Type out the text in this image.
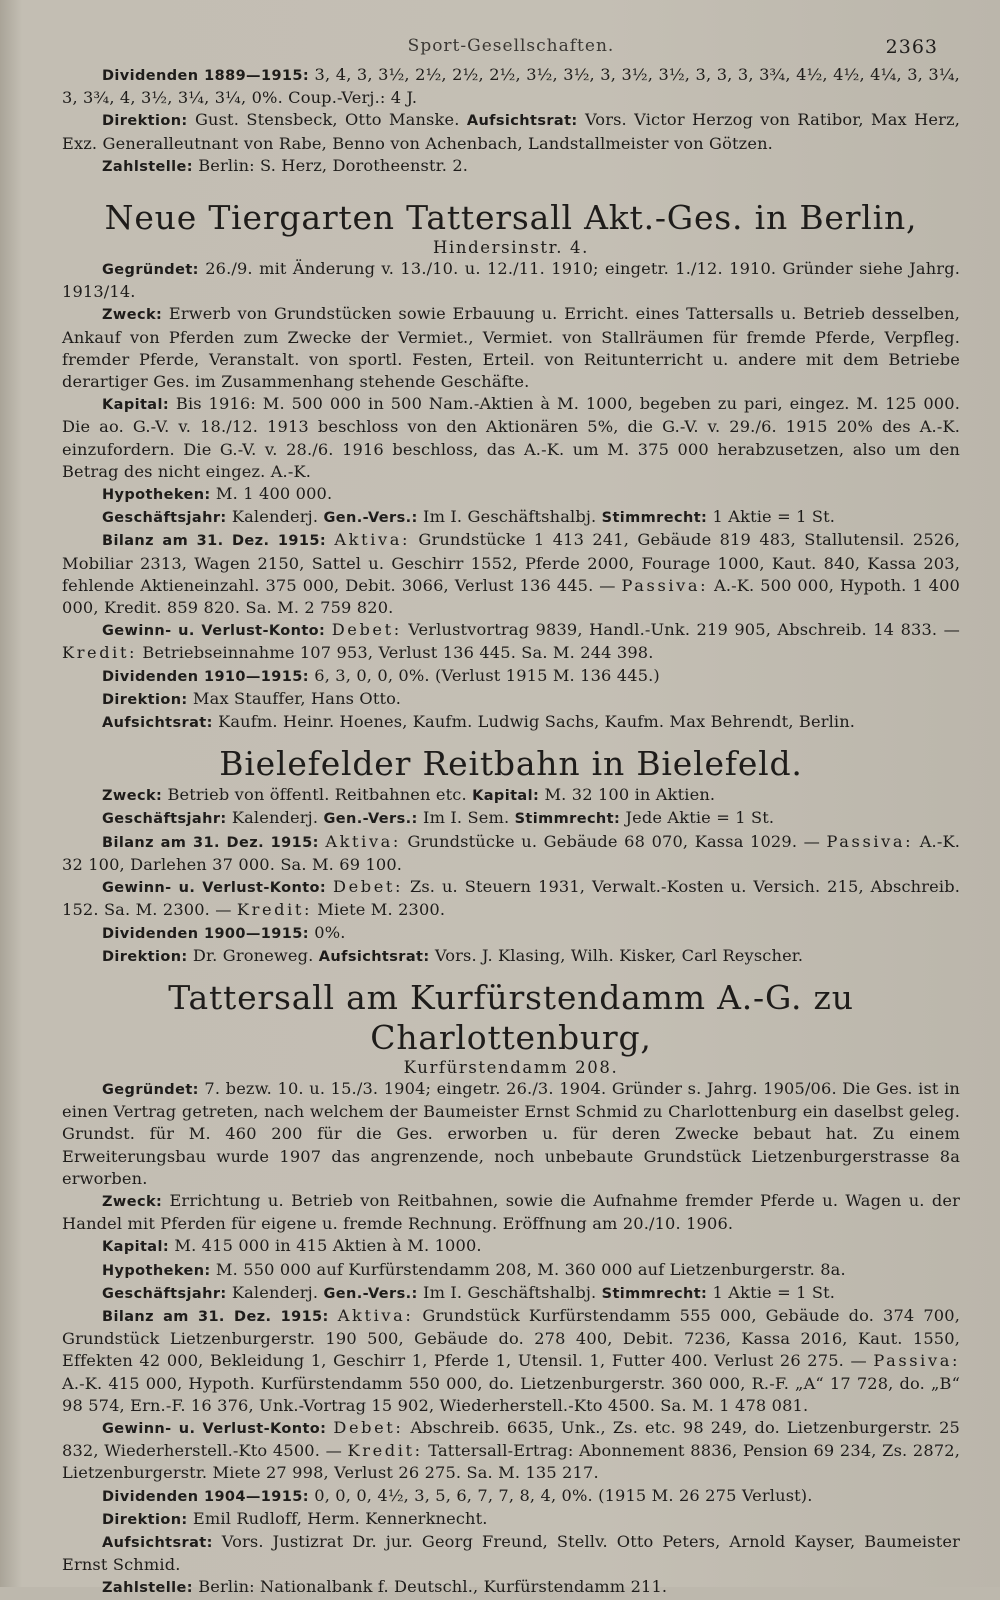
Sport-Gesellschaften.	2363

Dividenden 1889—1915: 3, 4, 3, 3½, 2½, 2½, 2½, 3½, 3½, 3, 3½, 3½, 3, 3, 3, 3¾, 4½, 4½, 4¼, 3, 3¼, 3, 3¾, 4, 3½, 3¼, 3¼, 0%. Coup.-Verj.: 4 J.

Direktion: Gust. Stensbeck, Otto Manske. Aufsichtsrat: Vors. Victor Herzog von Ratibor, Max Herz, Exz. Generalleutnant von Rabe, Benno von Achenbach, Landstallmeister von Götzen.

Zahlstelle: Berlin: S. Herz, Dorotheenstr. 2.

Neue Tiergarten Tattersall Akt.-Ges. in Berlin,
Hindersinstr. 4.

Gegründet: 26./9. mit Änderung v. 13./10. u. 12./11. 1910; eingetr. 1./12. 1910. Gründer siehe Jahrg. 1913/14.

Zweck: Erwerb von Grundstücken sowie Erbauung u. Erricht. eines Tattersalls u. Betrieb desselben, Ankauf von Pferden zum Zwecke der Vermiet., Vermiet. von Stallräumen für fremde Pferde, Verpfleg. fremder Pferde, Veranstalt. von sportl. Festen, Erteil. von Reitunterricht u. andere mit dem Betriebe derartiger Ges. im Zusammenhang stehende Geschäfte.

Kapital: Bis 1916: M. 500 000 in 500 Nam.-Aktien à M. 1000, begeben zu pari, eingez. M. 125 000. Die ao. G.-V. v. 18./12. 1913 beschloss von den Aktionären 5%, die G.-V. v. 29./6. 1915 20% des A.-K. einzufordern. Die G.-V. v. 28./6. 1916 beschloss, das A.-K. um M. 375 000 herabzusetzen, also um den Betrag des nicht eingez. A.-K.

Hypotheken: M. 1 400 000.

Geschäftsjahr: Kalenderj. Gen.-Vers.: Im I. Geschäftshalbj. Stimmrecht: 1 Aktie = 1 St.

Bilanz am 31. Dez. 1915: Aktiva: Grundstücke 1 413 241, Gebäude 819 483, Stallutensil. 2526, Mobiliar 2313, Wagen 2150, Sattel u. Geschirr 1552, Pferde 2000, Fourage 1000, Kaut. 840, Kassa 203, fehlende Aktieneinzahl. 375 000, Debit. 3066, Verlust 136 445. — Passiva: A.-K. 500 000, Hypoth. 1 400 000, Kredit. 859 820. Sa. M. 2 759 820.

Gewinn- u. Verlust-Konto: Debet: Verlustvortrag 9839, Handl.-Unk. 219 905, Abschreib. 14 833. — Kredit: Betriebseinnahme 107 953, Verlust 136 445. Sa. M. 244 398.

Dividenden 1910—1915: 6, 3, 0, 0, 0%. (Verlust 1915 M. 136 445.)

Direktion: Max Stauffer, Hans Otto.

Aufsichtsrat: Kaufm. Heinr. Hoenes, Kaufm. Ludwig Sachs, Kaufm. Max Behrendt, Berlin.

Bielefelder Reitbahn in Bielefeld.

Zweck: Betrieb von öffentl. Reitbahnen etc. Kapital: M. 32 100 in Aktien.

Geschäftsjahr: Kalenderj. Gen.-Vers.: Im I. Sem. Stimmrecht: Jede Aktie = 1 St.

Bilanz am 31. Dez. 1915: Aktiva: Grundstücke u. Gebäude 68 070, Kassa 1029. — Passiva: A.-K. 32 100, Darlehen 37 000. Sa. M. 69 100.

Gewinn- u. Verlust-Konto: Debet: Zs. u. Steuern 1931, Verwalt.-Kosten u. Versich. 215, Abschreib. 152. Sa. M. 2300. — Kredit: Miete M. 2300.

Dividenden 1900—1915: 0%.

Direktion: Dr. Groneweg. Aufsichtsrat: Vors. J. Klasing, Wilh. Kisker, Carl Reyscher.

Tattersall am Kurfürstendamm A.-G. zu Charlottenburg,
Kurfürstendamm 208.

Gegründet: 7. bezw. 10. u. 15./3. 1904; eingetr. 26./3. 1904. Gründer s. Jahrg. 1905/06. Die Ges. ist in einen Vertrag getreten, nach welchem der Baumeister Ernst Schmid zu Charlottenburg ein daselbst geleg. Grundst. für M. 460 200 für die Ges. erworben u. für deren Zwecke bebaut hat. Zu einem Erweiterungsbau wurde 1907 das angrenzende, noch unbebaute Grundstück Lietzenburgerstrasse 8a erworben.

Zweck: Errichtung u. Betrieb von Reitbahnen, sowie die Aufnahme fremder Pferde u. Wagen u. der Handel mit Pferden für eigene u. fremde Rechnung. Eröffnung am 20./10. 1906.

Kapital: M. 415 000 in 415 Aktien à M. 1000.

Hypotheken: M. 550 000 auf Kurfürstendamm 208, M. 360 000 auf Lietzenburgerstr. 8a.

Geschäftsjahr: Kalenderj. Gen.-Vers.: Im I. Geschäftshalbj. Stimmrecht: 1 Aktie = 1 St.

Bilanz am 31. Dez. 1915: Aktiva: Grundstück Kurfürstendamm 555 000, Gebäude do. 374 700, Grundstück Lietzenburgerstr. 190 500, Gebäude do. 278 400, Debit. 7236, Kassa 2016, Kaut. 1550, Effekten 42 000, Bekleidung 1, Geschirr 1, Pferde 1, Utensil. 1, Futter 400. Verlust 26 275. — Passiva: A.-K. 415 000, Hypoth. Kurfürstendamm 550 000, do. Lietzenburgerstr. 360 000, R.-F. „A“ 17 728, do. „B“ 98 574, Ern.-F. 16 376, Unk.-Vortrag 15 902, Wiederherstell.-Kto 4500. Sa. M. 1 478 081.

Gewinn- u. Verlust-Konto: Debet: Abschreib. 6635, Unk., Zs. etc. 98 249, do. Lietzenburgerstr. 25 832, Wiederherstell.-Kto 4500. — Kredit: Tattersall-Ertrag: Abonnement 8836, Pension 69 234, Zs. 2872, Lietzenburgerstr. Miete 27 998, Verlust 26 275. Sa. M. 135 217.

Dividenden 1904—1915: 0, 0, 0, 4½, 3, 5, 6, 7, 7, 8, 4, 0%. (1915 M. 26 275 Verlust).

Direktion: Emil Rudloff, Herm. Kennerknecht.

Aufsichtsrat: Vors. Justizrat Dr. jur. Georg Freund, Stellv. Otto Peters, Arnold Kayser, Baumeister Ernst Schmid.

Zahlstelle: Berlin: Nationalbank f. Deutschl., Kurfürstendamm 211.
